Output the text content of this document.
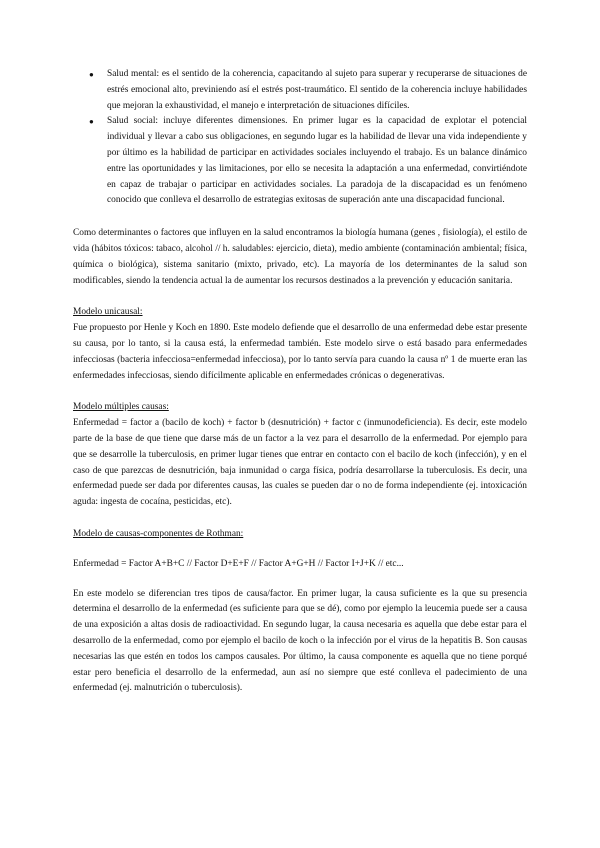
● Salud mental: es el sentido de la coherencia, capacitando al sujeto para superar y recuperarse de situaciones de estrés emocional alto, previniendo así el estrés post-traumático. El sentido de la coherencia incluye habilidades que mejoran la exhaustividad, el manejo e interpretación de situaciones difíciles.

● Salud social: incluye diferentes dimensiones. En primer lugar es la capacidad de explotar el potencial individual y llevar a cabo sus obligaciones, en segundo lugar es la habilidad de llevar una vida independiente y por último es la habilidad de participar en actividades sociales incluyendo el trabajo. Es un balance dinámico entre las oportunidades y las limitaciones, por ello se necesita la adaptación a una enfermedad, convirtiéndote en capaz de trabajar o participar en actividades sociales. La paradoja de la discapacidad es un fenómeno conocido que conlleva el desarrollo de estrategias exitosas de superación ante una discapacidad funcional.

Como determinantes o factores que influyen en la salud encontramos la biología humana (genes , fisiología), el estilo de vida (hábitos tóxicos: tabaco, alcohol // h. saludables: ejercicio, dieta), medio ambiente (contaminación ambiental; física, química o biológica), sistema sanitario (mixto, privado, etc). La mayoría de los determinantes de la salud son modificables, siendo la tendencia actual la de aumentar los recursos destinados a la prevención y educación sanitaria.

Modelo unicausal:

Fue propuesto por Henle y Koch en 1890. Este modelo defiende que el desarrollo de una enfermedad debe estar presente su causa, por lo tanto, si la causa está, la enfermedad también. Este modelo sirve o está basado para enfermedades infecciosas (bacteria infecciosa=enfermedad infecciosa), por lo tanto servía para cuando la causa nº 1 de muerte eran las enfermedades infecciosas, siendo difícilmente aplicable en enfermedades crónicas o degenerativas.

Modelo múltiples causas:

Enfermedad = factor a (bacilo de koch) + factor b (desnutrición) + factor c (inmunodeficiencia). Es decir, este modelo parte de la base de que tiene que darse más de un factor a la vez para el desarrollo de la enfermedad. Por ejemplo para que se desarrolle la tuberculosis, en primer lugar tienes que entrar en contacto con el bacilo de koch (infección), y en el caso de que parezcas de desnutrición, baja inmunidad o carga física, podría desarrollarse la tuberculosis. Es decir, una enfermedad puede ser dada por diferentes causas, las cuales se pueden dar o no de forma independiente (ej. intoxicación aguda: ingesta de cocaína, pesticidas, etc).

Modelo de causas-componentes de Rothman:

Enfermedad = Factor A+B+C // Factor D+E+F // Factor A+G+H // Factor I+J+K // etc...

En este modelo se diferencian tres tipos de causa/factor. En primer lugar, la causa suficiente es la que su presencia determina el desarrollo de la enfermedad (es suficiente para que se dé), como por ejemplo la leucemia puede ser a causa de una exposición a altas dosis de radioactividad. En segundo lugar, la causa necesaria es aquella que debe estar para el desarrollo de la enfermedad, como por ejemplo el bacilo de koch o la infección por el virus de la hepatitis B. Son causas necesarias las que estén en todos los campos causales. Por último, la causa componente es aquella que no tiene porqué estar pero beneficia el desarrollo de la enfermedad, aun así no siempre que esté conlleva el padecimiento de una enfermedad (ej. malnutrición o tuberculosis).
